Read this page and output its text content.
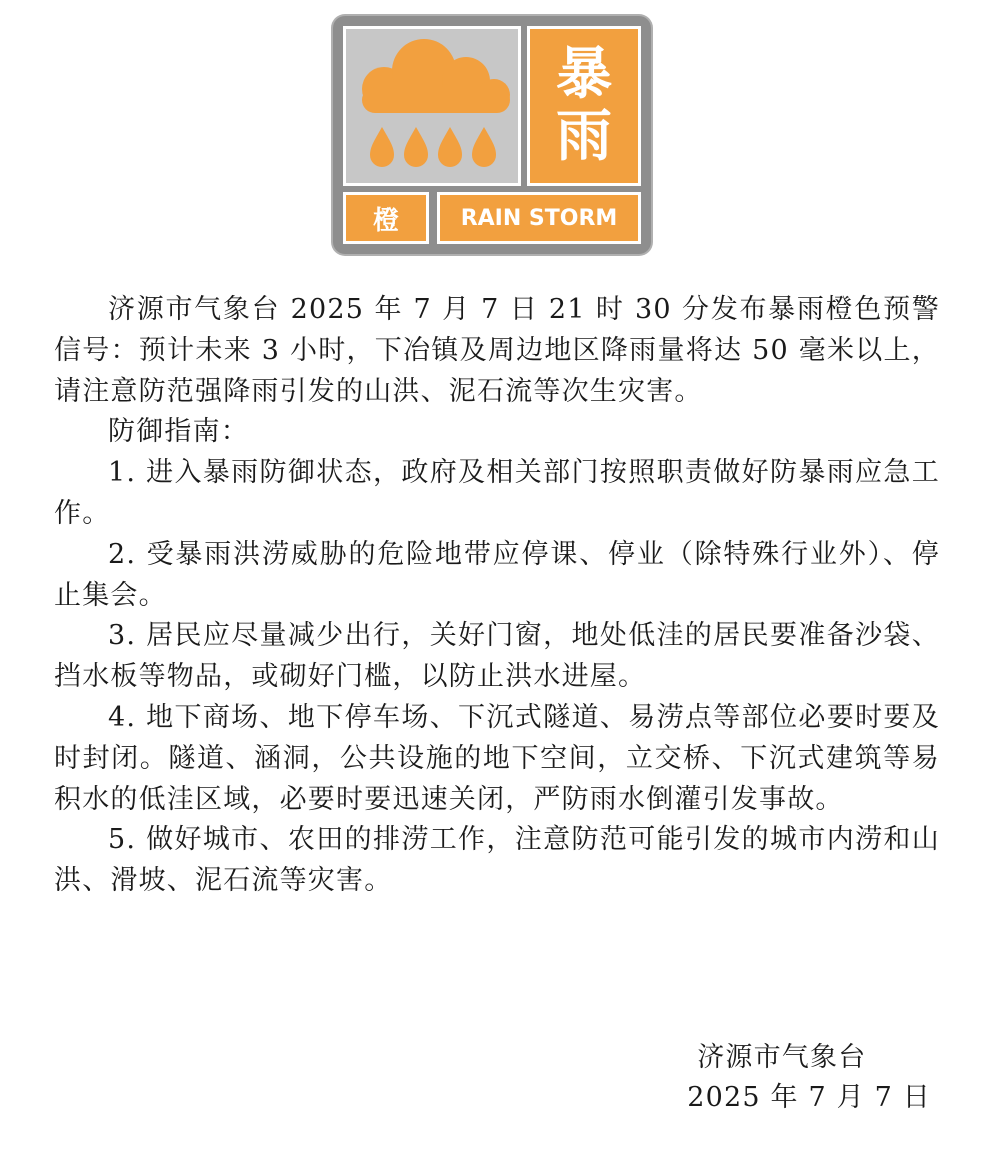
暴
雨
橙	RAIN STORM

济源市气象台 2025 年 7 月 7 日 21 时 30 分发布暴雨橙色预警信号：预计未来 3 小时，下冶镇及周边地区降雨量将达 50 毫米以上，请注意防范强降雨引发的山洪、泥石流等次生灾害。

防御指南：

1. 进入暴雨防御状态，政府及相关部门按照职责做好防暴雨应急工作。

2. 受暴雨洪涝威胁的危险地带应停课、停业（除特殊行业外）、停止集会。

3. 居民应尽量减少出行，关好门窗，地处低洼的居民要准备沙袋、挡水板等物品，或砌好门槛，以防止洪水进屋。

4. 地下商场、地下停车场、下沉式隧道、易涝点等部位必要时要及时封闭。隧道、涵洞，公共设施的地下空间，立交桥、下沉式建筑等易积水的低洼区域，必要时要迅速关闭，严防雨水倒灌引发事故。

5. 做好城市、农田的排涝工作，注意防范可能引发的城市内涝和山洪、滑坡、泥石流等灾害。

济源市气象台
2025 年 7 月 7 日
